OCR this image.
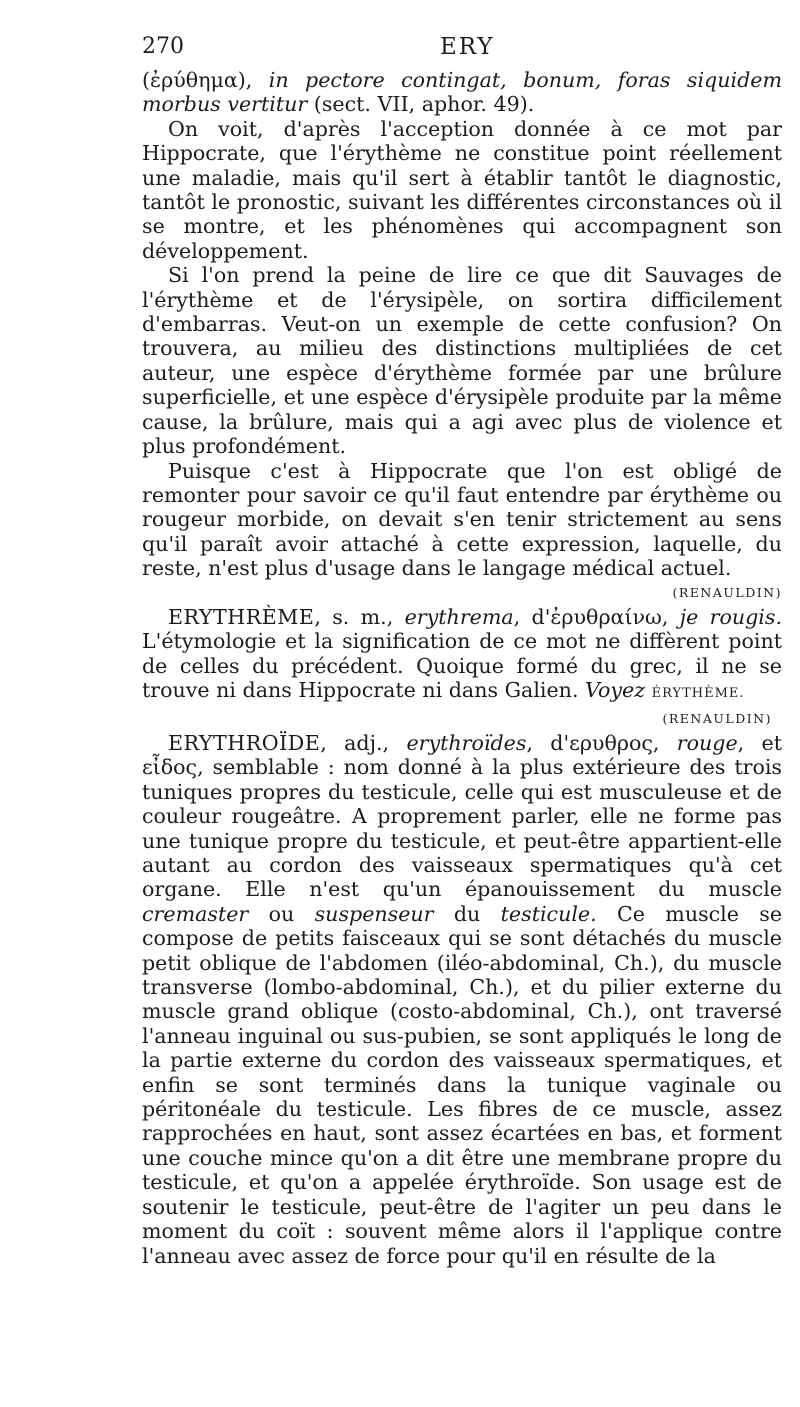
270	ERY

(ἐρύθημα), in pectore contingat, bonum, foras siquidem morbus vertitur (sect. VII, aphor. 49).

On voit, d'après l'acception donnée à ce mot par Hippocrate, que l'érythème ne constitue point réellement une maladie, mais qu'il sert à établir tantôt le diagnostic, tantôt le pronostic, suivant les différentes circonstances où il se montre, et les phénomènes qui accompagnent son développement.

Si l'on prend la peine de lire ce que dit Sauvages de l'érythème et de l'érysipèle, on sortira difficilement d'embarras. Veut-on un exemple de cette confusion? On trouvera, au milieu des distinctions multipliées de cet auteur, une espèce d'érythème formée par une brûlure superficielle, et une espèce d'érysipèle produite par la même cause, la brûlure, mais qui a agi avec plus de violence et plus profondément.

Puisque c'est à Hippocrate que l'on est obligé de remonter pour savoir ce qu'il faut entendre par érythème ou rougeur morbide, on devait s'en tenir strictement au sens qu'il paraît avoir attaché à cette expression, laquelle, du reste, n'est plus d'usage dans le langage médical actuel.

(RENAULDIN)

ERYTHRÈME, s. m., erythrema, d'ἐρυθραίνω, je rougis. L'étymologie et la signification de ce mot ne diffèrent point de celles du précédent. Quoique formé du grec, il ne se trouve ni dans Hippocrate ni dans Galien. Voyez ÉRYTHÈME.

(RENAULDIN)

ERYTHROÏDE, adj., erythroïdes, d'ερυθρος, rouge, et εἶδος, semblable : nom donné à la plus extérieure des trois tuniques propres du testicule, celle qui est musculeuse et de couleur rougeâtre. A proprement parler, elle ne forme pas une tunique propre du testicule, et peut-être appartient-elle autant au cordon des vaisseaux spermatiques qu'à cet organe. Elle n'est qu'un épanouissement du muscle cremaster ou suspenseur du testicule. Ce muscle se compose de petits faisceaux qui se sont détachés du muscle petit oblique de l'abdomen (iléo-abdominal, Ch.), du muscle transverse (lombo-abdominal, Ch.), et du pilier externe du muscle grand oblique (costo-abdominal, Ch.), ont traversé l'anneau inguinal ou sus-pubien, se sont appliqués le long de la partie externe du cordon des vaisseaux spermatiques, et enfin se sont terminés dans la tunique vaginale ou péritonéale du testicule. Les fibres de ce muscle, assez rapprochées en haut, sont assez écartées en bas, et forment une couche mince qu'on a dit être une membrane propre du testicule, et qu'on a appelée érythroïde. Son usage est de soutenir le testicule, peut-être de l'agiter un peu dans le moment du coït : souvent même alors il l'applique contre l'anneau avec assez de force pour qu'il en résulte de la
